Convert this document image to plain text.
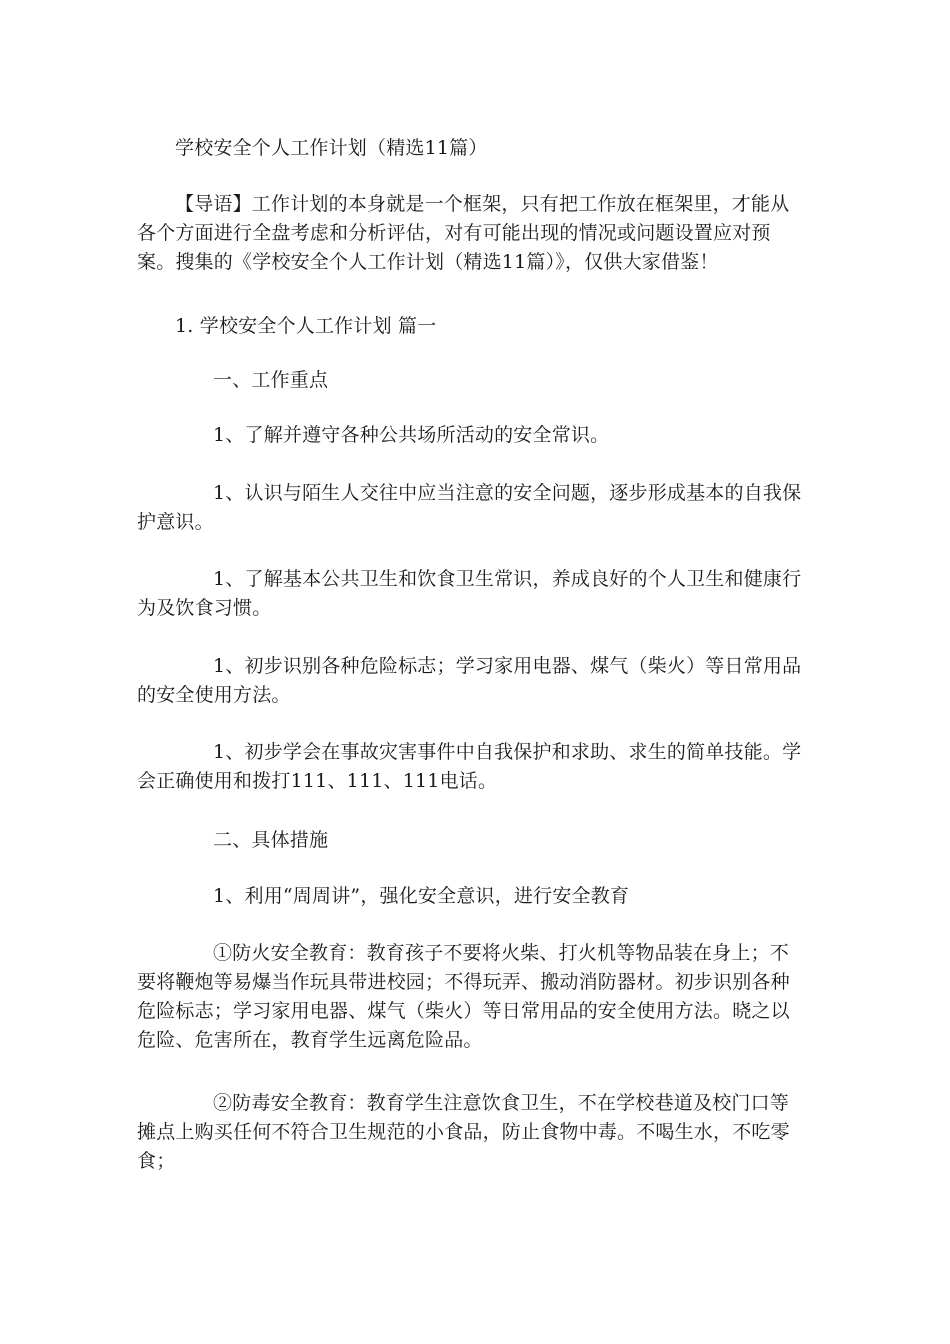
学校安全个人工作计划（精选11篇）

【导语】工作计划的本身就是一个框架，只有把工作放在框架里，才能从各个方面进行全盘考虑和分析评估，对有可能出现的情况或问题设置应对预案。搜集的《学校安全个人工作计划（精选11篇）》，仅供大家借鉴！

1. 学校安全个人工作计划 篇一

一、工作重点

1、了解并遵守各种公共场所活动的安全常识。

1、认识与陌生人交往中应当注意的安全问题，逐步形成基本的自我保护意识。

1、了解基本公共卫生和饮食卫生常识，养成良好的个人卫生和健康行为及饮食习惯。

1、初步识别各种危险标志；学习家用电器、煤气（柴火）等日常用品的安全使用方法。

1、初步学会在事故灾害事件中自我保护和求助、求生的简单技能。学会正确使用和拨打111、111、111电话。

二、具体措施

1、利用“周周讲”，强化安全意识，进行安全教育

①防火安全教育：教育孩子不要将火柴、打火机等物品装在身上；不要将鞭炮等易爆当作玩具带进校园；不得玩弄、搬动消防器材。初步识别各种危险标志；学习家用电器、煤气（柴火）等日常用品的安全使用方法。晓之以危险、危害所在，教育学生远离危险品。

②防毒安全教育：教育学生注意饮食卫生，不在学校巷道及校门口等摊点上购买任何不符合卫生规范的小食品，防止食物中毒。不喝生水，不吃零食；
